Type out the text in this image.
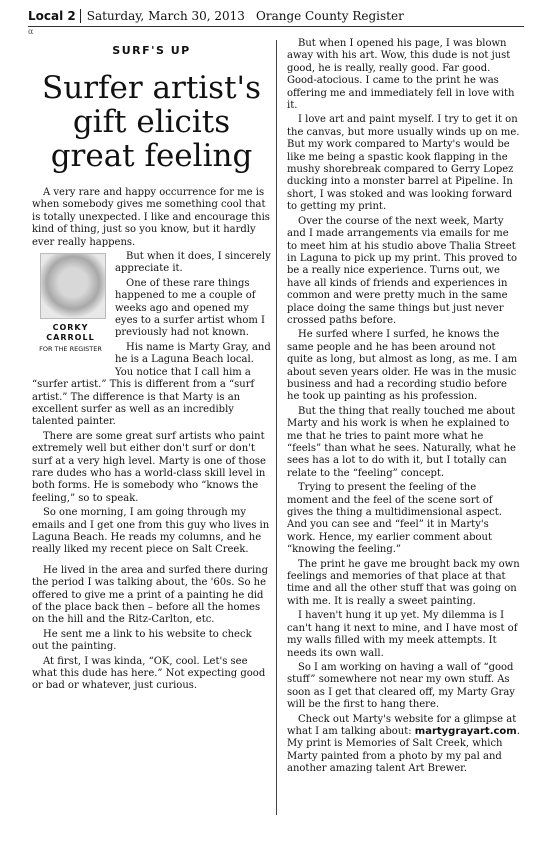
Local 2 Saturday, March 30, 2013 Orange County Register
α

SURF'S UP

Surfer artist's
gift elicits
great feeling

A very rare and happy occurrence for me is when somebody gives me something cool that is totally unexpected. I like and encourage this kind of thing, just so you know, but it hardly ever really happens.

CORKY
CARROLL
FOR THE REGISTER

But when it does, I sincerely appreciate it.

One of these rare things happened to me a couple of weeks ago and opened my eyes to a surfer artist whom I previously had not known.

His name is Marty Gray, and he is a Laguna Beach local. You notice that I call him a “surfer artist.” This is different from a “surf artist.” The difference is that Marty is an excellent surfer as well as an incredibly talented painter.

There are some great surf artists who paint extremely well but either don't surf or don't surf at a very high level. Marty is one of those rare dudes who has a world-class skill level in both forms. He is somebody who “knows the feeling,” so to speak.

So one morning, I am going through my emails and I get one from this guy who lives in Laguna Beach. He reads my columns, and he really liked my recent piece on Salt Creek.

He lived in the area and surfed there during the period I was talking about, the '60s. So he offered to give me a print of a painting he did of the place back then – before all the homes on the hill and the Ritz-Carlton, etc.

He sent me a link to his website to check out the painting.

At first, I was kinda, “OK, cool. Let's see what this dude has here.” Not expecting good or bad or whatever, just curious.

But when I opened his page, I was blown away with his art. Wow, this dude is not just good, he is really, really good. Far good. Good-atocious. I came to the print he was offering me and immediately fell in love with it.

I love art and paint myself. I try to get it on the canvas, but more usually winds up on me. But my work compared to Marty's would be like me being a spastic kook flapping in the mushy shorebreak compared to Gerry Lopez ducking into a monster barrel at Pipeline. In short, I was stoked and was looking forward to getting my print.

Over the course of the next week, Marty and I made arrangements via emails for me to meet him at his studio above Thalia Street in Laguna to pick up my print. This proved to be a really nice experience. Turns out, we have all kinds of friends and experiences in common and were pretty much in the same place doing the same things but just never crossed paths before.

He surfed where I surfed, he knows the same people and he has been around not quite as long, but almost as long, as me. I am about seven years older. He was in the music business and had a recording studio before he took up painting as his profession.

But the thing that really touched me about Marty and his work is when he explained to me that he tries to paint more what he “feels” than what he sees. Naturally, what he sees has a lot to do with it, but I totally can relate to the “feeling” concept.

Trying to present the feeling of the moment and the feel of the scene sort of gives the thing a multidimensional aspect. And you can see and “feel” it in Marty's work. Hence, my earlier comment about “knowing the feeling.”

The print he gave me brought back my own feelings and memories of that place at that time and all the other stuff that was going on with me. It is really a sweet painting.

I haven't hung it up yet. My dilemma is I can't hang it next to mine, and I have most of my walls filled with my meek attempts. It needs its own wall.

So I am working on having a wall of “good stuff” somewhere not near my own stuff. As soon as I get that cleared off, my Marty Gray will be the first to hang there.

Check out Marty's website for a glimpse at what I am talking about: martygrayart.com. My print is Memories of Salt Creek, which Marty painted from a photo by my pal and another amazing talent Art Brewer.
